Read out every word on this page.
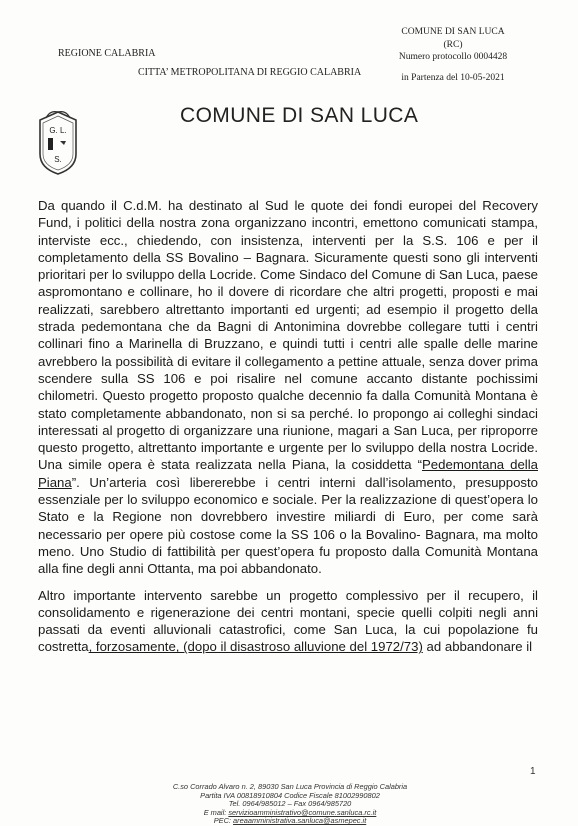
REGIONE CALABRIA
CITTA’ METROPOLITANA DI REGGIO CALABRIA
COMUNE DI SAN LUCA
(RC)
Numero protocollo 0004428
in Partenza del 10-05-2021
G. L.
S.
COMUNE DI SAN LUCA

Da quando il C.d.M. ha destinato al Sud le quote dei fondi europei del Recovery Fund, i politici della nostra zona organizzano incontri, emettono comunicati stampa, interviste ecc., chiedendo, con insistenza, interventi per la S.S. 106 e per il completamento della SS Bovalino – Bagnara. Sicuramente questi sono gli interventi prioritari per lo sviluppo della Locride. Come Sindaco del Comune di San Luca, paese aspromontano e collinare, ho il dovere di ricordare che altri progetti, proposti e mai realizzati, sarebbero altrettanto importanti ed urgenti; ad esempio il progetto della strada pedemontana che da Bagni di Antonimina dovrebbe collegare tutti i centri collinari fino a Marinella di Bruzzano, e quindi tutti i centri alle spalle delle marine avrebbero la possibilità di evitare il collegamento a pettine attuale, senza dover prima scendere sulla SS 106 e poi risalire nel comune accanto distante pochissimi chilometri. Questo progetto proposto qualche decennio fa dalla Comunità Montana è stato completamente abbandonato, non si sa perché. Io propongo ai colleghi sindaci interessati al progetto di organizzare una riunione, magari a San Luca, per riproporre questo progetto, altrettanto importante e urgente per lo sviluppo della nostra Locride. Una simile opera è stata realizzata nella Piana, la cosiddetta “Pedemontana della Piana”. Un’arteria così libererebbe i centri interni dall’isolamento, presupposto essenziale per lo sviluppo economico e sociale. Per la realizzazione di quest’opera lo Stato e la Regione non dovrebbero investire miliardi di Euro, per come sarà necessario per opere più costose come la SS 106 o la Bovalino- Bagnara, ma molto meno. Uno Studio di fattibilità per quest’opera fu proposto dalla Comunità Montana alla fine degli anni Ottanta, ma poi abbandonato.

Altro importante intervento sarebbe un progetto complessivo per il recupero, il consolidamento e rigenerazione dei centri montani, specie quelli colpiti negli anni passati da eventi alluvionali catastrofici, come San Luca, la cui popolazione fu costretta, forzosamente, (dopo il disastroso alluvione del 1972/73) ad abbandonare il

1
C.so Corrado Alvaro n. 2, 89030 San Luca Provincia di Reggio Calabria
Partita IVA 00818910804 Codice Fiscale 81002990802
Tel. 0964/985012 – Fax 0964/985720
E mail: servizioamministrativo@comune.sanluca.rc.it
PEC: areaamministrativa.sanluca@asmepec.it
